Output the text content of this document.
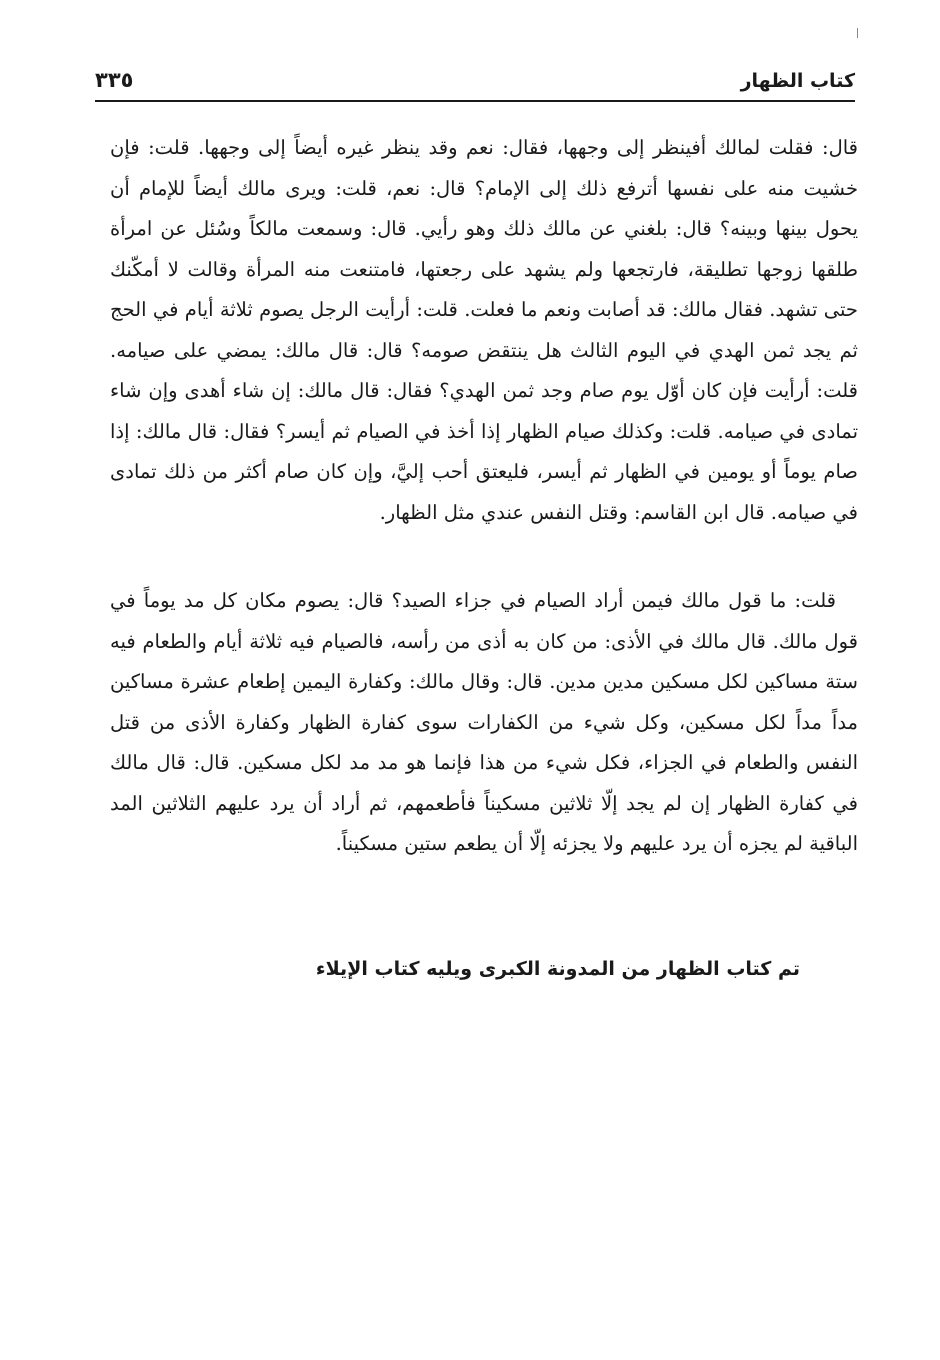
كتاب الظهار
٣٣٥

قال: فقلت لمالك أفينظر إلى وجهها، فقال: نعم وقد ينظر غيره أيضاً إلى وجهها. قلت: فإن خشيت منه على نفسها أترفع ذلك إلى الإمام؟ قال: نعم، قلت: ويرى مالك أيضاً للإمام أن يحول بينها وبينه؟ قال: بلغني عن مالك ذلك وهو رأيي. قال: وسمعت مالكاً وسُئل عن امرأة طلقها زوجها تطليقة، فارتجعها ولم يشهد على رجعتها، فامتنعت منه المرأة وقالت لا أمكّنك حتى تشهد. فقال مالك: قد أصابت ونعم ما فعلت. قلت: أرأيت الرجل يصوم ثلاثة أيام في الحج ثم يجد ثمن الهدي في اليوم الثالث هل ينتقض صومه؟ قال: قال مالك: يمضي على صيامه. قلت: أرأيت فإن كان أوّل يوم صام وجد ثمن الهدي؟ فقال: قال مالك: إن شاء أهدى وإن شاء تمادى في صيامه. قلت: وكذلك صيام الظهار إذا أخذ في الصيام ثم أيسر؟ فقال: قال مالك: إذا صام يوماً أو يومين في الظهار ثم أيسر، فليعتق أحب إليَّ، وإن كان صام أكثر من ذلك تمادى في صيامه. قال ابن القاسم: وقتل النفس عندي مثل الظهار.

قلت: ما قول مالك فيمن أراد الصيام في جزاء الصيد؟ قال: يصوم مكان كل مد يوماً في قول مالك. قال مالك في الأذى: من كان به أذى من رأسه، فالصيام فيه ثلاثة أيام والطعام فيه ستة مساكين لكل مسكين مدين مدين. قال: وقال مالك: وكفارة اليمين إطعام عشرة مساكين مداً مداً لكل مسكين، وكل شيء من الكفارات سوى كفارة الظهار وكفارة الأذى من قتل النفس والطعام في الجزاء، فكل شيء من هذا فإنما هو مد مد لكل مسكين. قال: قال مالك في كفارة الظهار إن لم يجد إلّا ثلاثين مسكيناً فأطعمهم، ثم أراد أن يرد عليهم الثلاثين المد الباقية لم يجزه أن يرد عليهم ولا يجزئه إلّا أن يطعم ستين مسكيناً.

تم كتاب الظهار من المدونة الكبرى ويليه كتاب الإيلاء
